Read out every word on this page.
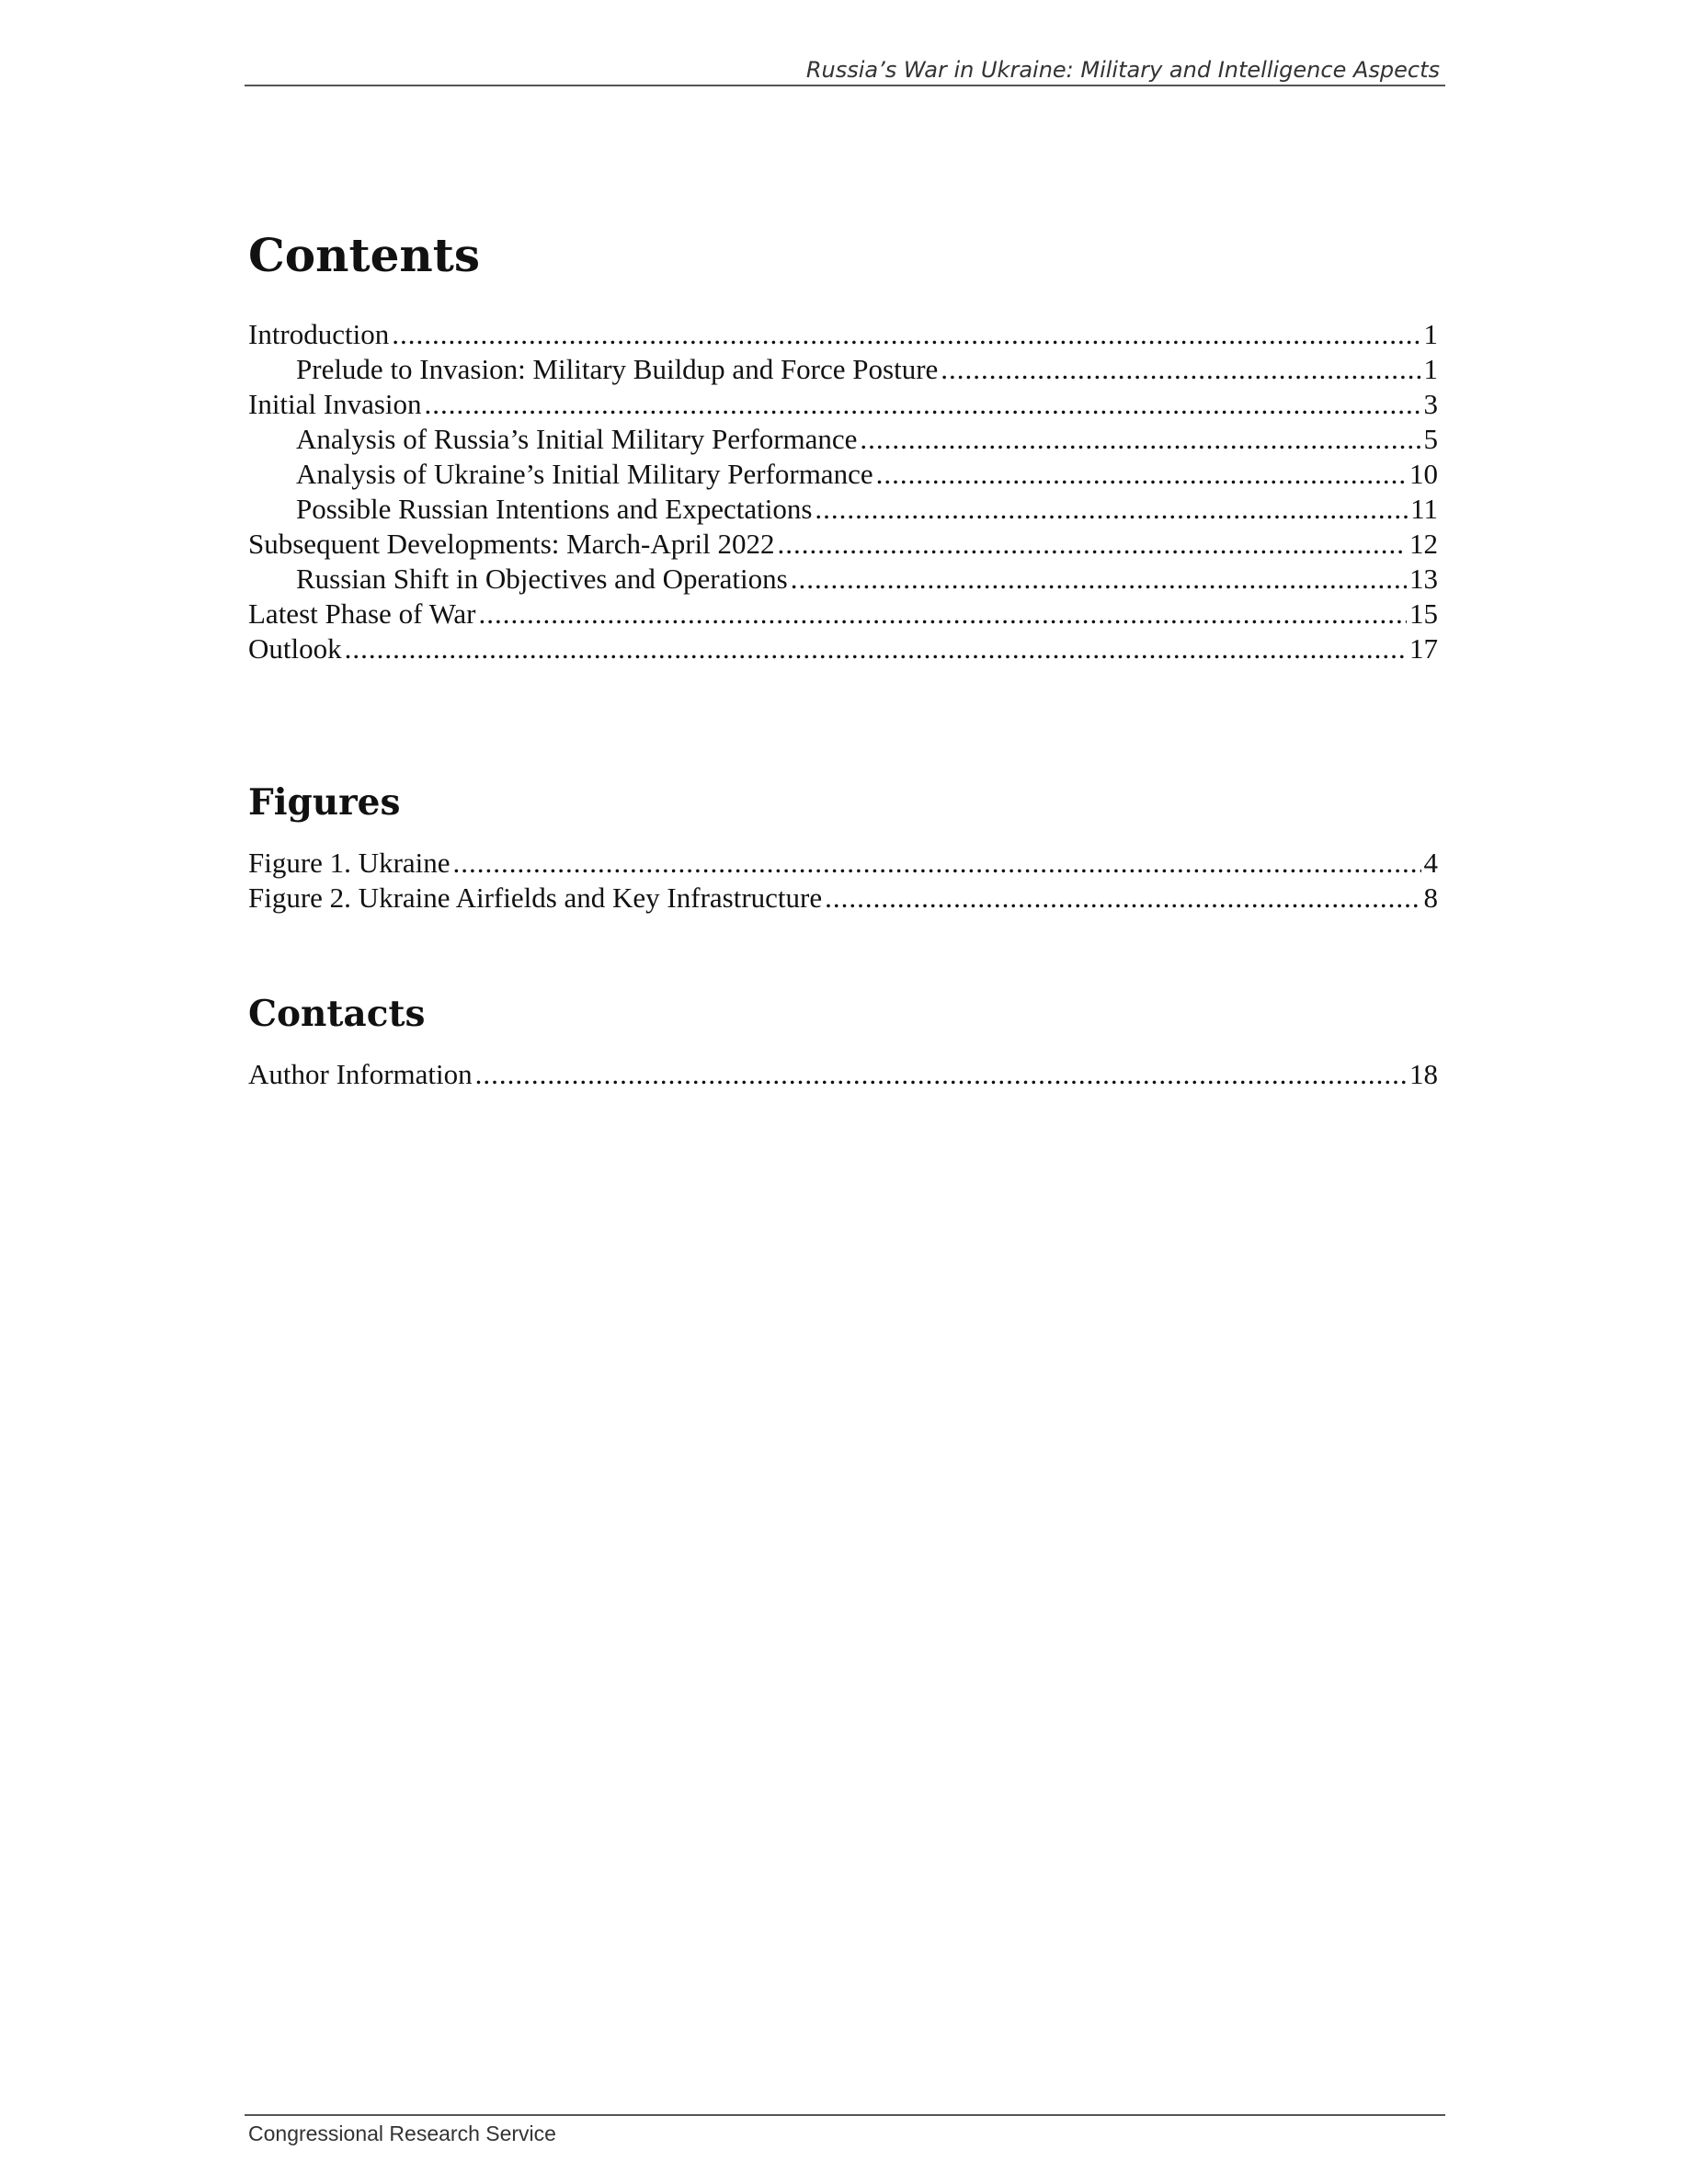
Russia’s War in Ukraine: Military and Intelligence Aspects
Contents
Introduction .....	1
Prelude to Invasion: Military Buildup and Force Posture .....	1
Initial Invasion .....	3
Analysis of Russia’s Initial Military Performance .....	5
Analysis of Ukraine’s Initial Military Performance .....	10
Possible Russian Intentions and Expectations .....	11
Subsequent Developments: March-April 2022 .....	12
Russian Shift in Objectives and Operations .....	13
Latest Phase of War .....	15
Outlook .....	17
Figures
Figure 1. Ukraine .....	4
Figure 2. Ukraine Airfields and Key Infrastructure .....	8
Contacts
Author Information .....	18
Congressional Research Service
